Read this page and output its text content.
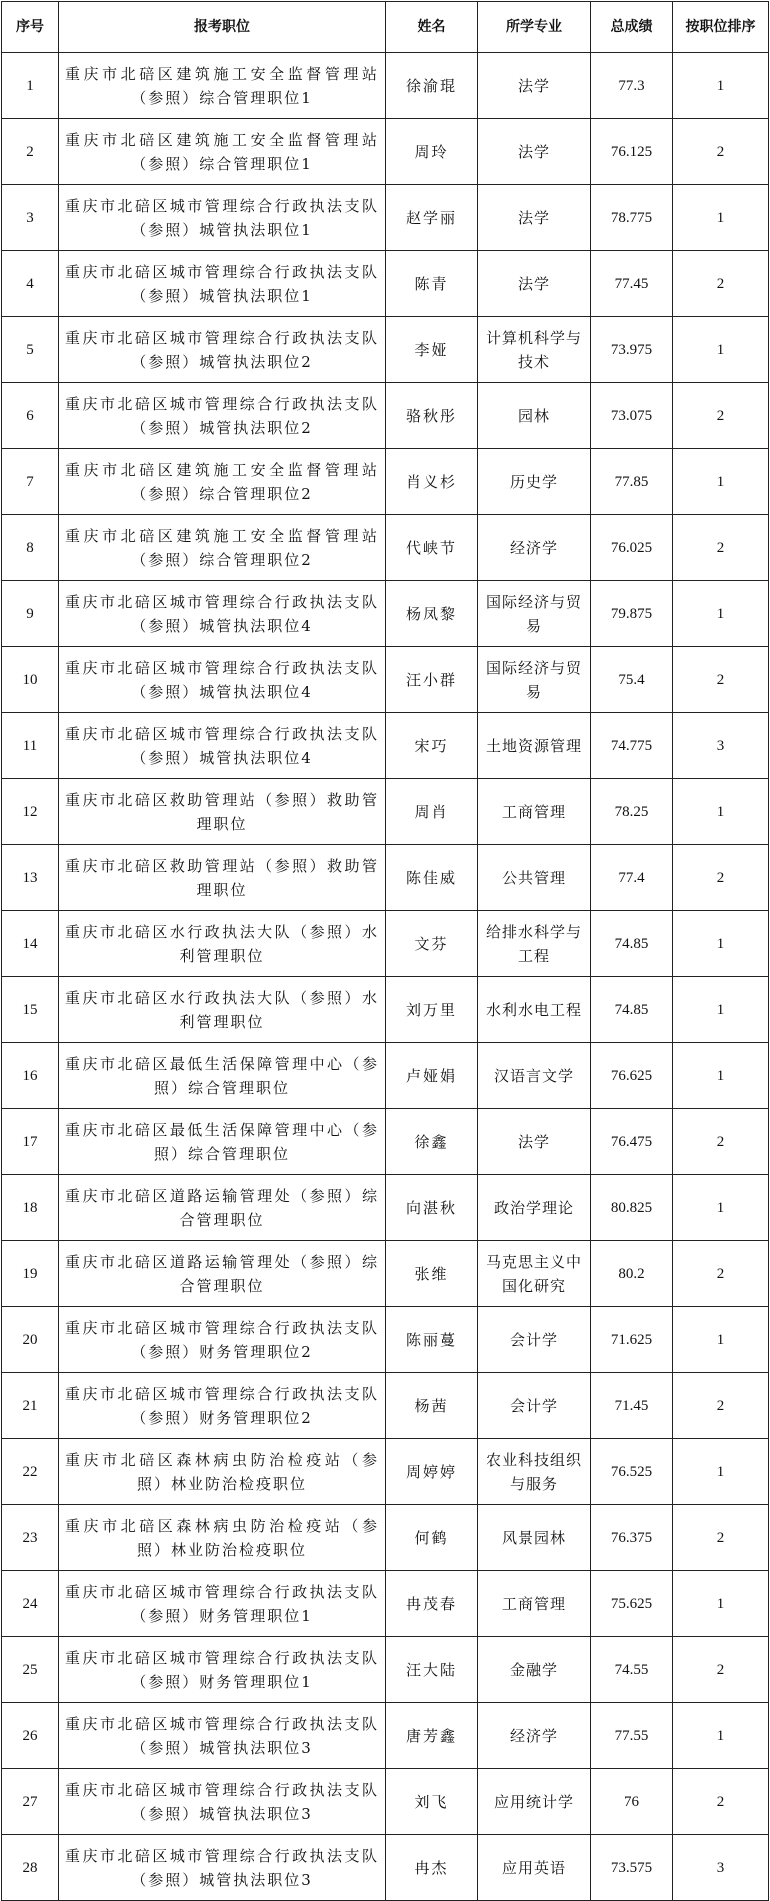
序号	报考职位	姓名	所学专业	总成绩	按职位排序
1	重庆市北碚区建筑施工安全监督管理站（参照）综合管理职位1	徐渝琨	法学	77.3	1
2	重庆市北碚区建筑施工安全监督管理站（参照）综合管理职位1	周玲	法学	76.125	2
3	重庆市北碚区城市管理综合行政执法支队（参照）城管执法职位1	赵学丽	法学	78.775	1
4	重庆市北碚区城市管理综合行政执法支队（参照）城管执法职位1	陈青	法学	77.45	2
5	重庆市北碚区城市管理综合行政执法支队（参照）城管执法职位2	李娅	计算机科学与技术	73.975	1
6	重庆市北碚区城市管理综合行政执法支队（参照）城管执法职位2	骆秋彤	园林	73.075	2
7	重庆市北碚区建筑施工安全监督管理站（参照）综合管理职位2	肖义杉	历史学	77.85	1
8	重庆市北碚区建筑施工安全监督管理站（参照）综合管理职位2	代峡节	经济学	76.025	2
9	重庆市北碚区城市管理综合行政执法支队（参照）城管执法职位4	杨凤黎	国际经济与贸易	79.875	1
10	重庆市北碚区城市管理综合行政执法支队（参照）城管执法职位4	汪小群	国际经济与贸易	75.4	2
11	重庆市北碚区城市管理综合行政执法支队（参照）城管执法职位4	宋巧	土地资源管理	74.775	3
12	重庆市北碚区救助管理站（参照）救助管理职位	周肖	工商管理	78.25	1
13	重庆市北碚区救助管理站（参照）救助管理职位	陈佳威	公共管理	77.4	2
14	重庆市北碚区水行政执法大队（参照）水利管理职位	文芬	给排水科学与工程	74.85	1
15	重庆市北碚区水行政执法大队（参照）水利管理职位	刘万里	水利水电工程	74.85	1
16	重庆市北碚区最低生活保障管理中心（参照）综合管理职位	卢娅娟	汉语言文学	76.625	1
17	重庆市北碚区最低生活保障管理中心（参照）综合管理职位	徐鑫	法学	76.475	2
18	重庆市北碚区道路运输管理处（参照）综合管理职位	向湛秋	政治学理论	80.825	1
19	重庆市北碚区道路运输管理处（参照）综合管理职位	张维	马克思主义中国化研究	80.2	2
20	重庆市北碚区城市管理综合行政执法支队（参照）财务管理职位2	陈丽蔓	会计学	71.625	1
21	重庆市北碚区城市管理综合行政执法支队（参照）财务管理职位2	杨茜	会计学	71.45	2
22	重庆市北碚区森林病虫防治检疫站（参照）林业防治检疫职位	周婷婷	农业科技组织与服务	76.525	1
23	重庆市北碚区森林病虫防治检疫站（参照）林业防治检疫职位	何鹤	风景园林	76.375	2
24	重庆市北碚区城市管理综合行政执法支队（参照）财务管理职位1	冉茂春	工商管理	75.625	1
25	重庆市北碚区城市管理综合行政执法支队（参照）财务管理职位1	汪大陆	金融学	74.55	2
26	重庆市北碚区城市管理综合行政执法支队（参照）城管执法职位3	唐芳鑫	经济学	77.55	1
27	重庆市北碚区城市管理综合行政执法支队（参照）城管执法职位3	刘飞	应用统计学	76	2
28	重庆市北碚区城市管理综合行政执法支队（参照）城管执法职位3	冉杰	应用英语	73.575	3
